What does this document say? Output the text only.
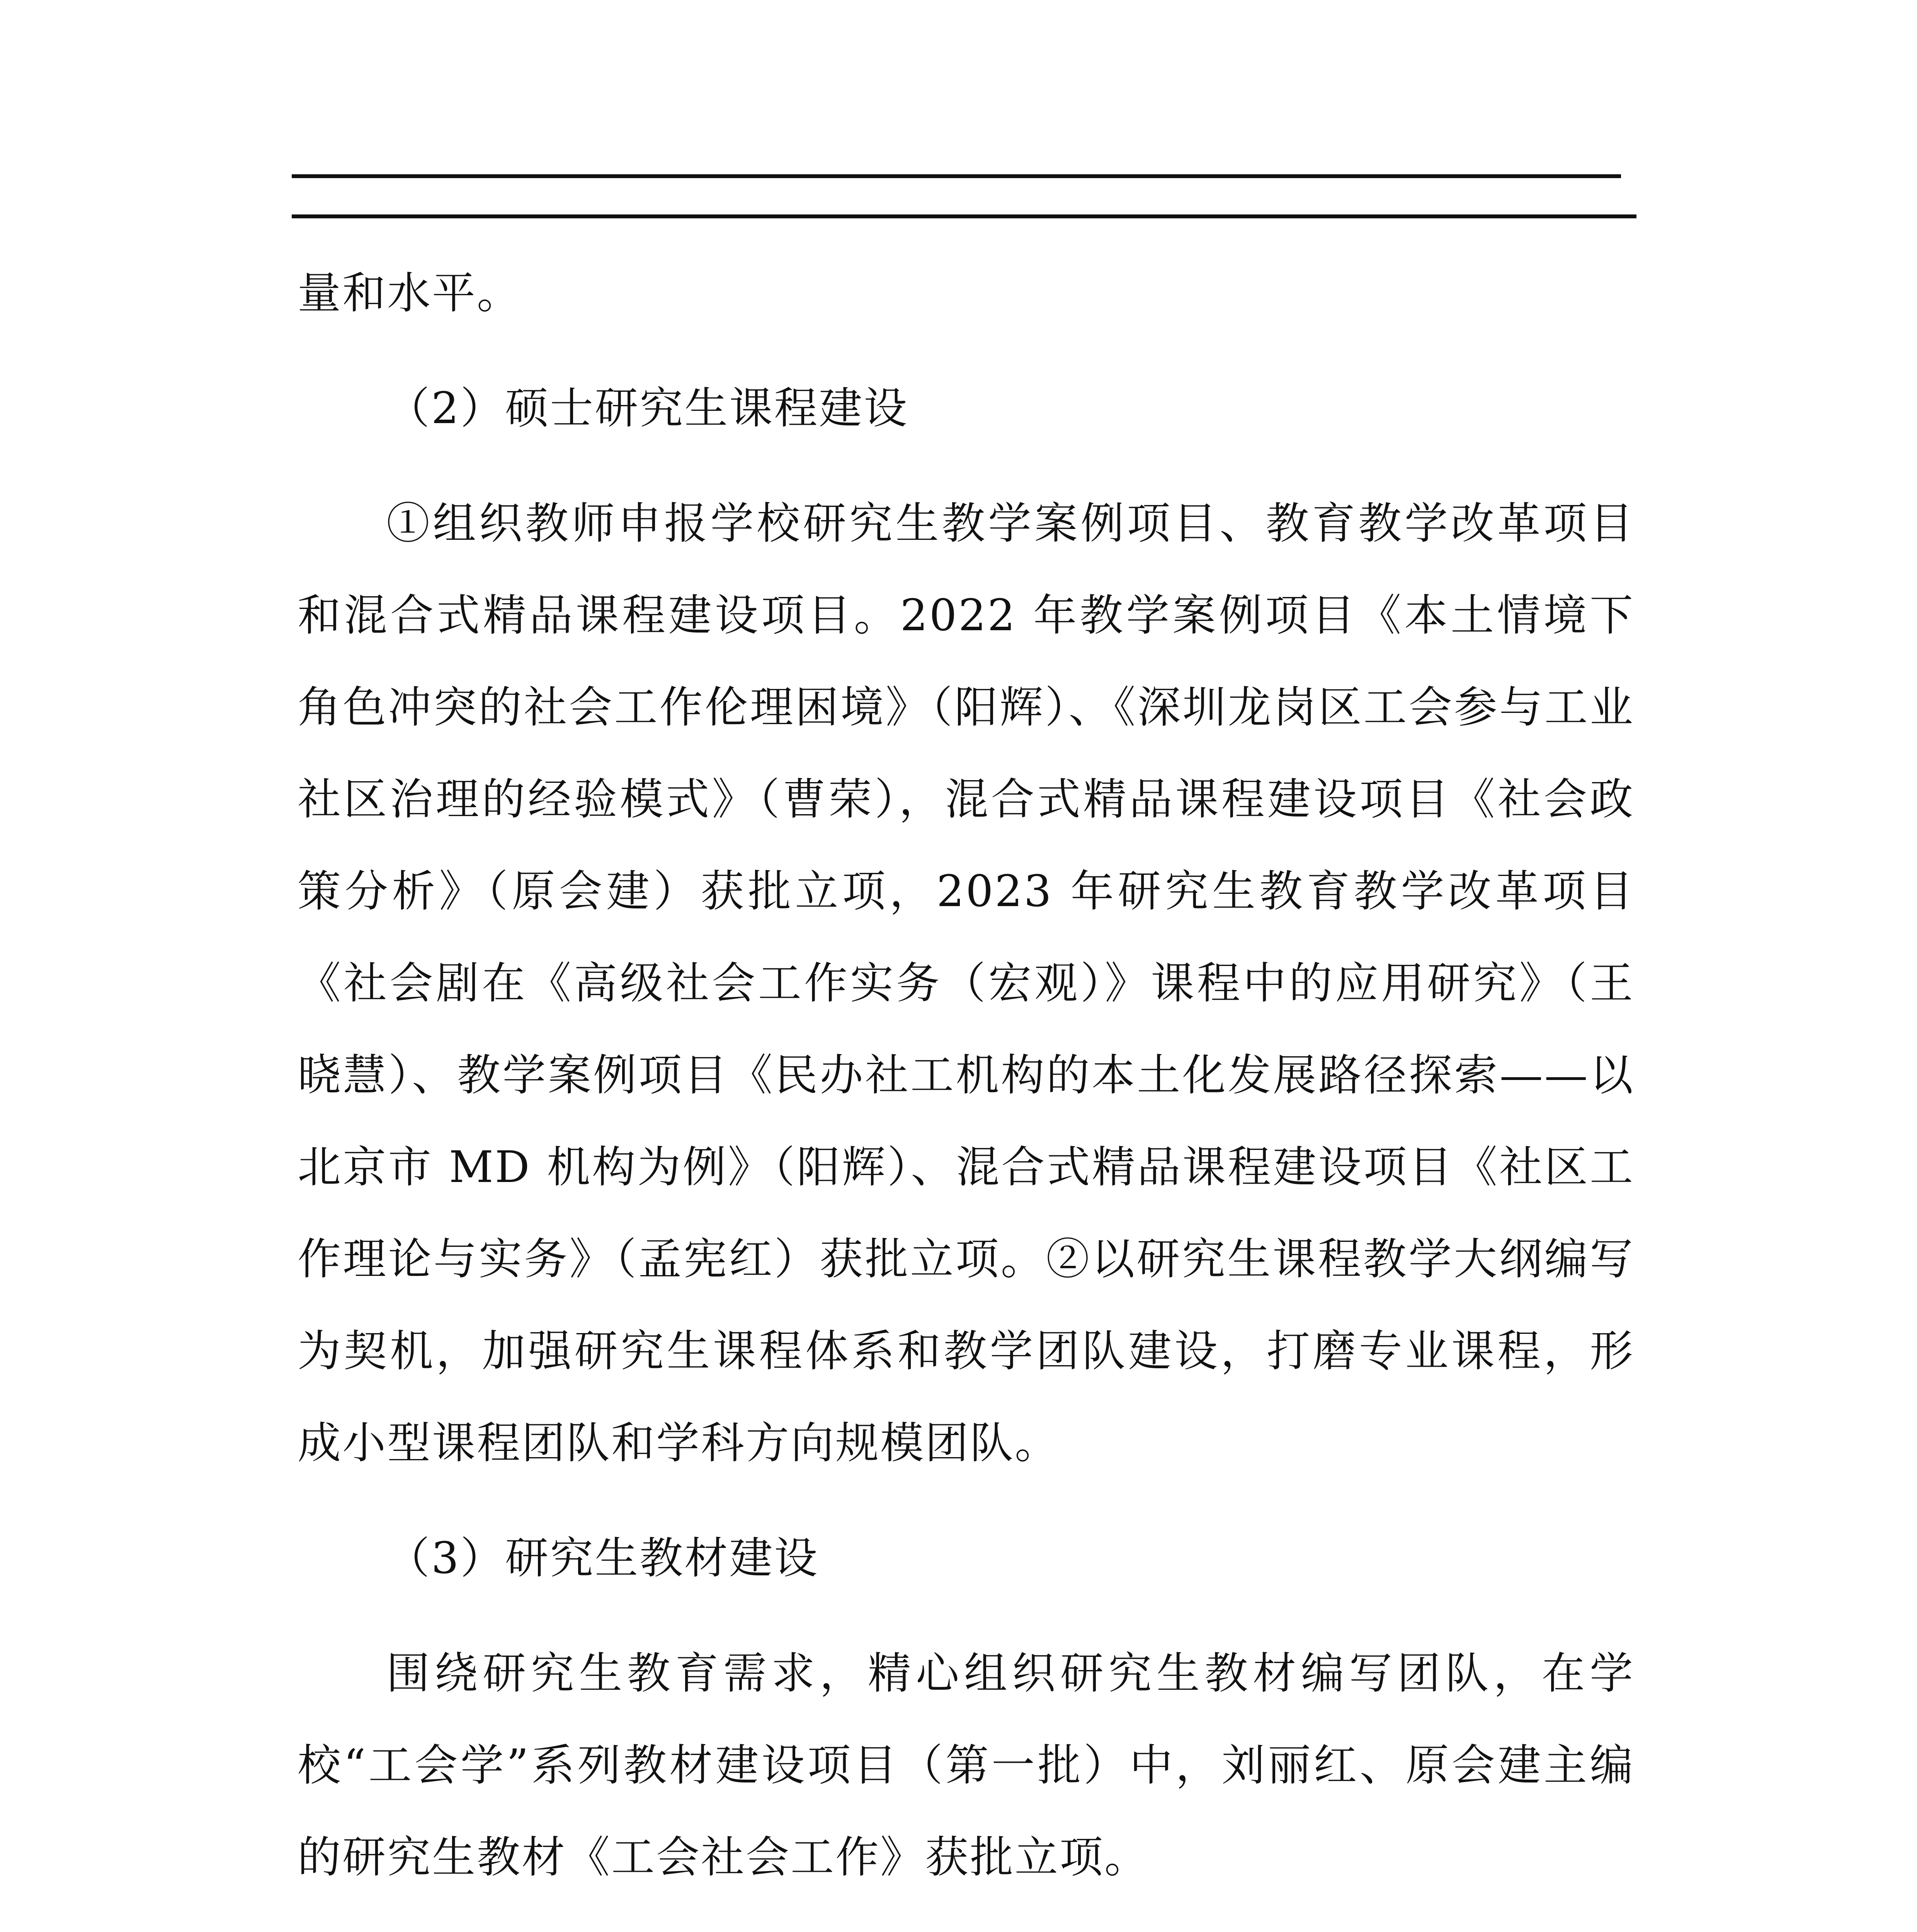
量和水平。

（2）硕士研究生课程建设

①组织教师申报学校研究生教学案例项目、教育教学改革项目和混合式精品课程建设项目。2022 年教学案例项目《本土情境下角色冲突的社会工作伦理困境》（阳辉）、《深圳龙岗区工会参与工业社区治理的经验模式》（曹荣），混合式精品课程建设项目《社会政策分析》（原会建）获批立项，2023 年研究生教育教学改革项目《社会剧在《高级社会工作实务（宏观）》课程中的应用研究》（王晓慧）、教学案例项目《民办社工机构的本土化发展路径探索——以北京市 MD 机构为例》（阳辉）、混合式精品课程建设项目《社区工作理论与实务》（孟宪红）获批立项。②以研究生课程教学大纲编写为契机，加强研究生课程体系和教学团队建设，打磨专业课程，形成小型课程团队和学科方向规模团队。

（3）研究生教材建设

围绕研究生教育需求，精心组织研究生教材编写团队，在学校“工会学”系列教材建设项目（第一批）中，刘丽红、原会建主编的研究生教材《工会社会工作》获批立项。
